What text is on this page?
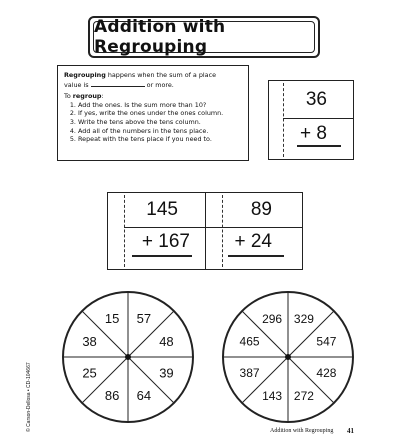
Addition with Regrouping
Regrouping happens when the sum of a place
value is	or more.
To regroup:
1. Add the ones. Is the sum more than 10?
2. If yes, write the ones under the ones column.
3. Write the tens above the tens column.
4. Add all of the numbers in the tens place.
5. Repeat with the tens place if you need to.
36
+ 8
145
+ 167
89
+ 24
57
48
39
64
86
25
38
15	329
547
428
272
143
387
465
296
© Carson-Dellosa • CD-104667	Addition with Regrouping 41
